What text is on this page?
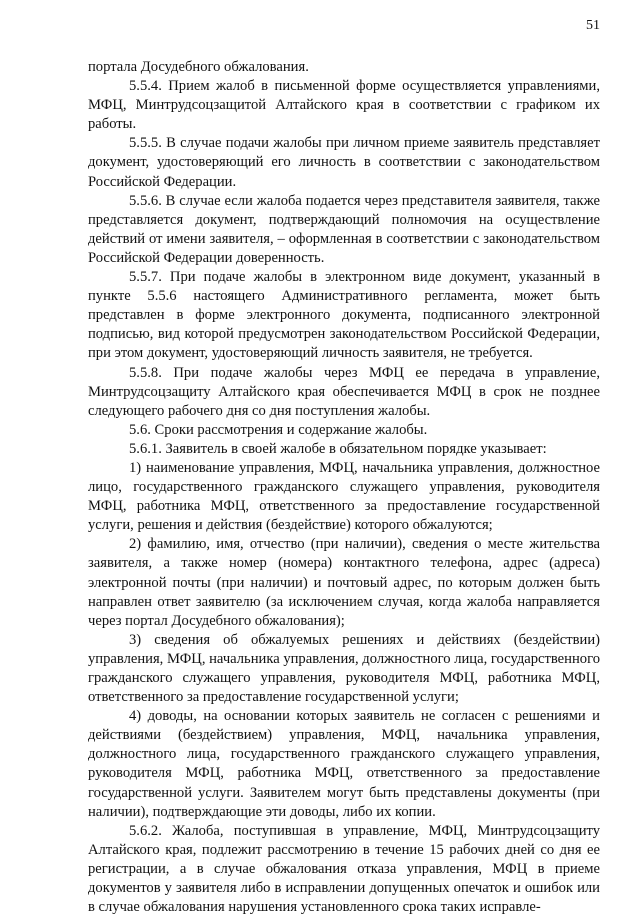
51

портала Досудебного обжалования.

5.5.4. Прием жалоб в письменной форме осуществляется управлениями, МФЦ, Минтрудсоцзащитой Алтайского края в соответствии с графиком их работы.

5.5.5. В случае подачи жалобы при личном приеме заявитель представляет документ, удостоверяющий его личность в соответствии с законодательством Российской Федерации.

5.5.6. В случае если жалоба подается через представителя заявителя, также представляется документ, подтверждающий полномочия на осуществление действий от имени заявителя, – оформленная в соответствии с законодательством Российской Федерации доверенность.

5.5.7. При подаче жалобы в электронном виде документ, указанный в пункте 5.5.6 настоящего Административного регламента, может быть представлен в форме электронного документа, подписанного электронной подписью, вид которой предусмотрен законодательством Российской Федерации, при этом документ, удостоверяющий личность заявителя, не требуется.

5.5.8. При подаче жалобы через МФЦ ее передача в управление, Минтрудсоцзащиту Алтайского края обеспечивается МФЦ в срок не позднее следующего рабочего дня со дня поступления жалобы.

5.6. Сроки рассмотрения и содержание жалобы.

5.6.1. Заявитель в своей жалобе в обязательном порядке указывает:

1) наименование управления, МФЦ, начальника управления, должностное лицо, государственного гражданского служащего управления, руководителя МФЦ, работника МФЦ, ответственного за предоставление государственной услуги, решения и действия (бездействие) которого обжалуются;

2) фамилию, имя, отчество (при наличии), сведения о месте жительства заявителя, а также номер (номера) контактного телефона, адрес (адреса) электронной почты (при наличии) и почтовый адрес, по которым должен быть направлен ответ заявителю (за исключением случая, когда жалоба направляется через портал Досудебного обжалования);

3) сведения об обжалуемых решениях и действиях (бездействии) управления, МФЦ, начальника управления, должностного лица, государственного гражданского служащего управления, руководителя МФЦ, работника МФЦ, ответственного за предоставление государственной услуги;

4) доводы, на основании которых заявитель не согласен с решениями и действиями (бездействием) управления, МФЦ, начальника управления, должностного лица, государственного гражданского служащего управления, руководителя МФЦ, работника МФЦ, ответственного за предоставление государственной услуги. Заявителем могут быть представлены документы (при наличии), подтверждающие эти доводы, либо их копии.

5.6.2. Жалоба, поступившая в управление, МФЦ, Минтрудсоцзащиту Алтайского края, подлежит рассмотрению в течение 15 рабочих дней со дня ее регистрации, а в случае обжалования отказа управления, МФЦ в приеме документов у заявителя либо в исправлении допущенных опечаток и ошибок или в случае обжалования нарушения установленного срока таких исправле-
